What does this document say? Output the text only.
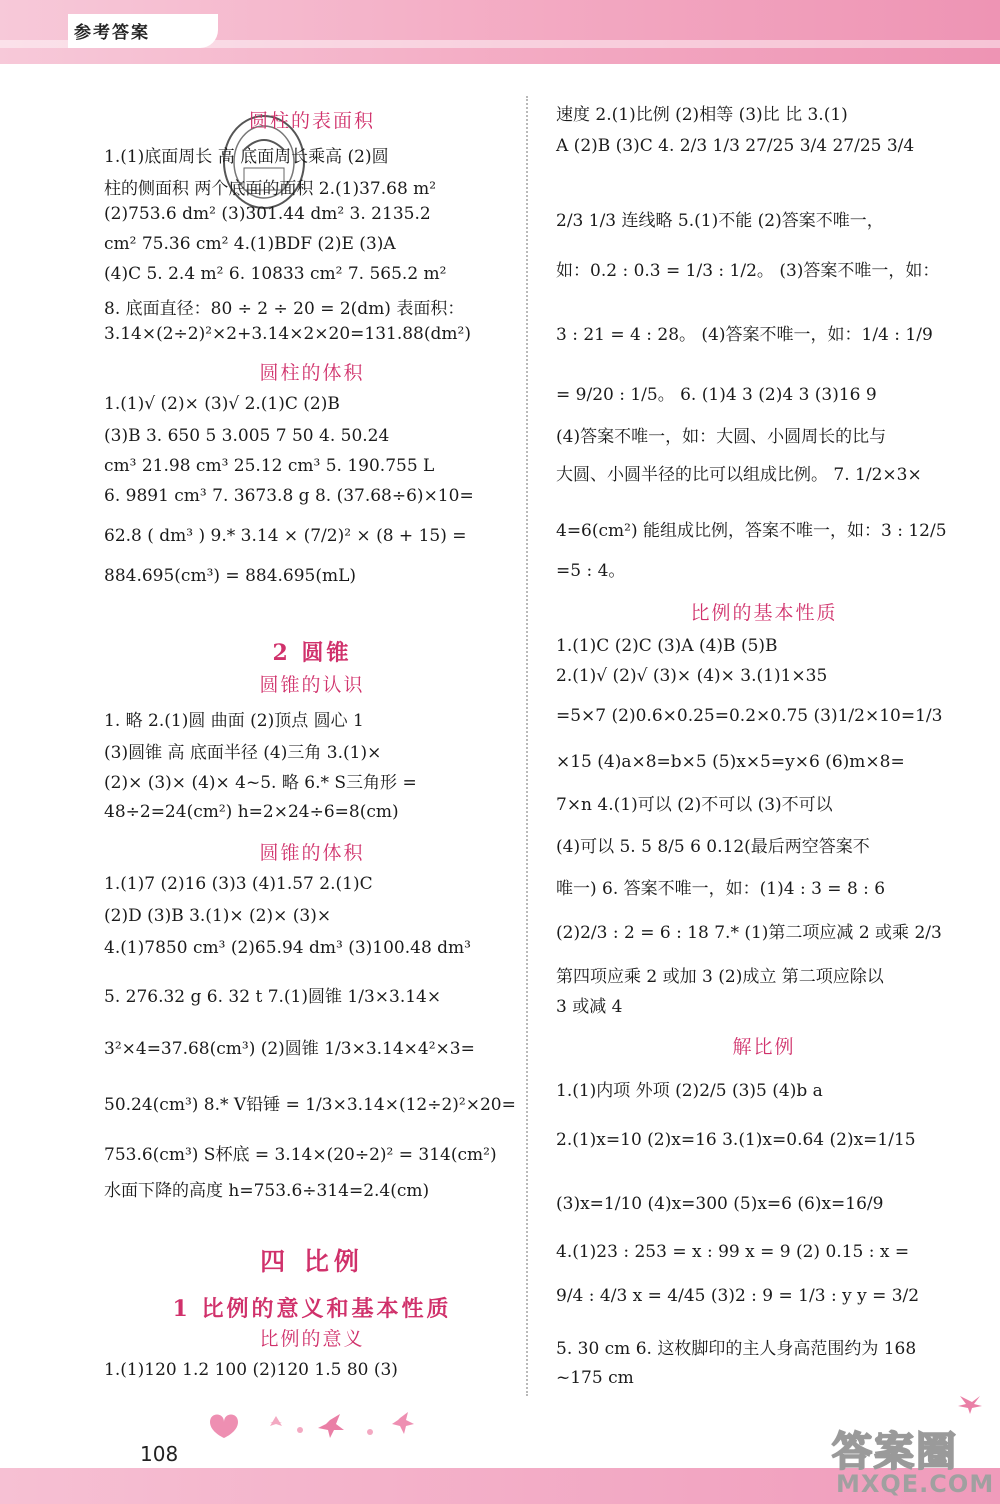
参考答案
圆柱的表面积
1.(1)底面周长 高 底面周长乘高 (2)圆
柱的侧面积 两个底面的面积 2.(1)37.68 m²
(2)753.6 dm² (3)301.44 dm² 3. 2135.2
cm² 75.36 cm² 4.(1)BDF (2)E (3)A
(4)C 5. 2.4 m² 6. 10833 cm² 7. 565.2 m²
8. 底面直径：80 ÷ 2 ÷ 20 = 2(dm) 表面积：
3.14×(2÷2)²×2+3.14×2×20=131.88(dm²)
圆柱的体积
1.(1)√ (2)× (3)√ 2.(1)C (2)B
(3)B 3. 650 5 3.005 7 50 4. 50.24
cm³ 21.98 cm³ 25.12 cm³ 5. 190.755 L
6. 9891 cm³ 7. 3673.8 g 8. (37.68÷6)×10=
62.8 ( dm³ ) 9.* 3.14 × (7/2)² × (8 + 15) =
884.695(cm³) = 884.695(mL)
2 圆锥
圆锥的认识
1. 略 2.(1)圆 曲面 (2)顶点 圆心 1
(3)圆锥 高 底面半径 (4)三角 3.(1)×
(2)× (3)× (4)× 4~5. 略 6.* S三角形 =
48÷2=24(cm²) h=2×24÷6=8(cm)
圆锥的体积
1.(1)7 (2)16 (3)3 (4)1.57 2.(1)C
(2)D (3)B 3.(1)× (2)× (3)×
4.(1)7850 cm³ (2)65.94 dm³ (3)100.48 dm³
5. 276.32 g 6. 32 t 7.(1)圆锥 1/3×3.14×
3²×4=37.68(cm³) (2)圆锥 1/3×3.14×4²×3=
50.24(cm³) 8.* V铅锤 = 1/3×3.14×(12÷2)²×20=
753.6(cm³) S杯底 = 3.14×(20÷2)² = 314(cm²)
水面下降的高度 h=753.6÷314=2.4(cm)
四 比例
1 比例的意义和基本性质
比例的意义
1.(1)120 1.2 100 (2)120 1.5 80 (3)
速度 2.(1)比例 (2)相等 (3)比 比 3.(1)
A (2)B (3)C 4. 2/3 1/3 27/25 3/4 27/25 3/4
2/3 1/3 连线略 5.(1)不能 (2)答案不唯一，
如：0.2 : 0.3 = 1/3 : 1/2。 (3)答案不唯一，如：
3 : 21 = 4 : 28。 (4)答案不唯一，如：1/4 : 1/9
= 9/20 : 1/5。 6. (1)4 3 (2)4 3 (3)16 9
(4)答案不唯一，如：大圆、小圆周长的比与
大圆、小圆半径的比可以组成比例。 7. 1/2×3×
4=6(cm²) 能组成比例，答案不唯一，如：3 : 12/5
=5 : 4。
比例的基本性质
1.(1)C (2)C (3)A (4)B (5)B
2.(1)√ (2)√ (3)× (4)× 3.(1)1×35
=5×7 (2)0.6×0.25=0.2×0.75 (3)1/2×10=1/3
×15 (4)a×8=b×5 (5)x×5=y×6 (6)m×8=
7×n 4.(1)可以 (2)不可以 (3)不可以
(4)可以 5. 5 8/5 6 0.12(最后两空答案不
唯一) 6. 答案不唯一，如：(1)4 : 3 = 8 : 6
(2)2/3 : 2 = 6 : 18 7.* (1)第二项应减 2 或乘 2/3
第四项应乘 2 或加 3 (2)成立 第二项应除以
3 或减 4
解比例
1.(1)内项 外项 (2)2/5 (3)5 (4)b a
2.(1)x=10 (2)x=16 3.(1)x=0.64 (2)x=1/15
(3)x=1/10 (4)x=300 (5)x=6 (6)x=16/9
4.(1)23 : 253 = x : 99 x = 9 (2) 0.15 : x =
9/4 : 4/3 x = 4/45 (3)2 : 9 = 1/3 : y y = 3/2
5. 30 cm 6. 这枚脚印的主人身高范围约为 168
~175 cm
108	答案圈
MXQE.COM
